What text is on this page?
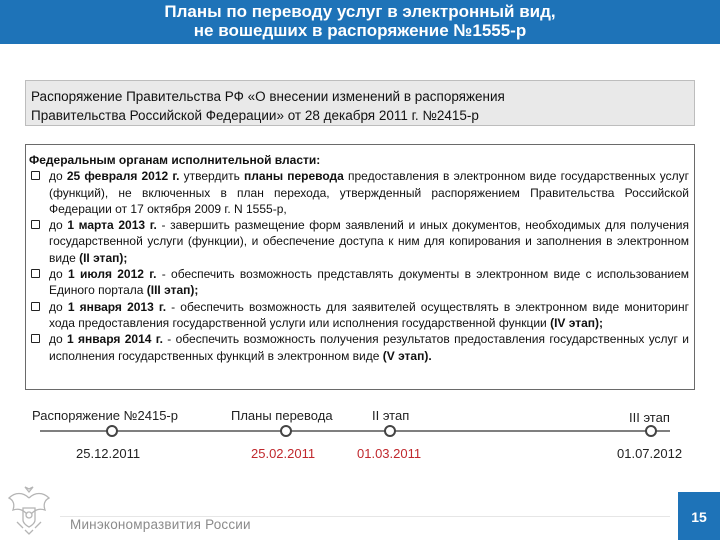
Планы по переводу услуг в электронный вид,
не вошедших в распоряжение №1555-р
Распоряжение Правительства РФ «О внесении изменений в распоряжения
Правительства Российской Федерации» от 28 декабря 2011 г. №2415-р
Федеральным органам исполнительной власти:
до 25 февраля 2012 г. утвердить планы перевода предоставления в электронном виде государственных услуг (функций), не включенных в план перехода, утвержденный распоряжением Правительства Российской Федерации от 17 октября 2009 г. N 1555-р,
до 1 марта 2013 г. - завершить размещение форм заявлений и иных документов, необходимых для получения государственной услуги (функции), и обеспечение доступа к ним для копирования и заполнения в электронном виде (II этап);
до 1 июля 2012 г. - обеспечить возможность представлять документы в электронном виде с использованием Единого портала (III этап);
до 1 января 2013 г. - обеспечить возможность для заявителей осуществлять в электронном виде мониторинг хода предоставления государственной услуги или исполнения государственной функции (IV этап);
до 1 января 2014 г. - обеспечить возможность получения результатов предоставления государственных услуг и исполнения государственных функций в электронном виде (V этап).
Распоряжение №2415-р	Планы перевода	II этап	III этап
25.12.2011	25.02.2011	01.03.2011	01.07.2012
Минэкономразвития России	15
